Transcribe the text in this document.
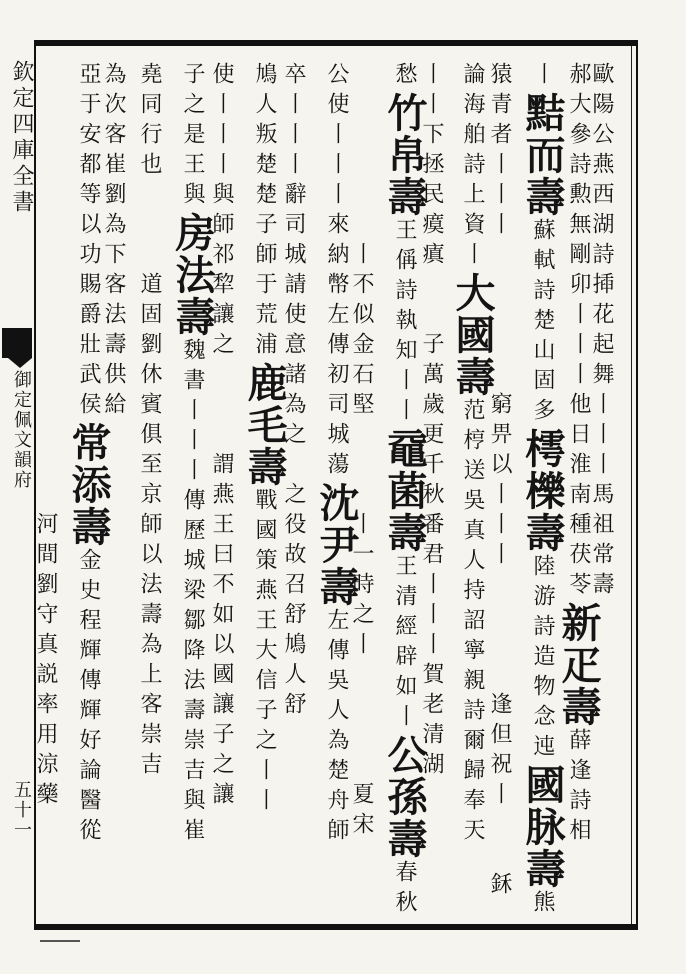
欽定四庫全書
御定佩文韻府
五十一
歐陽公燕西湖詩揷花起舞丨丨丨馬祖常壽
郝大參詩勲無剛卯丨丨丨他日淮南種茯苓新疋壽薛逢詩相
丨黠而壽蘇軾詩楚山固多樗櫟壽陸游詩造物念迍國脉壽熊
猿青者丨丨丨　　　　　窮畀以丨丨丨　　　　逢但祝丨　　鉌
論海舶詩上資丨大國壽范梈送吳真人持詔寧親詩爾歸奉天
丨丨下拯民瘼瘨　　子萬歲更千秋番君丨丨丨賀老清湖
愁竹帛壽王偁詩執知丨丨黿菌壽王清經辟如丨公孫壽春秋
　　　　　　丨不似金石堅　　　丨一時之丨　　　　夏宋
公使丨丨丨來納幣左傳初司城蕩沈尹壽左傳吳人為楚舟師
卒丨丨丨辭司城請使意諸為之　之役故召舒鳩人舒
鳩人叛楚楚子師于荒浦鹿毛壽戰國策燕王大信子之丨丨
使丨丨丨與師祁犂讓之　　　謂燕王曰不如以國讓子之讓
子之是王與房法壽魏書丨丨丨傳歷城梁鄒降法壽崇吉與崔
堯同行也　　　道固劉休賓俱至京師以法壽為上客崇吉
為次客崔劉為下客法壽供給
亞于安都等以功賜爵壯武侯常添壽金史程輝傳輝好論醫從
　　　　　　　　　　　　　　　河間劉守真説率用涼藥
